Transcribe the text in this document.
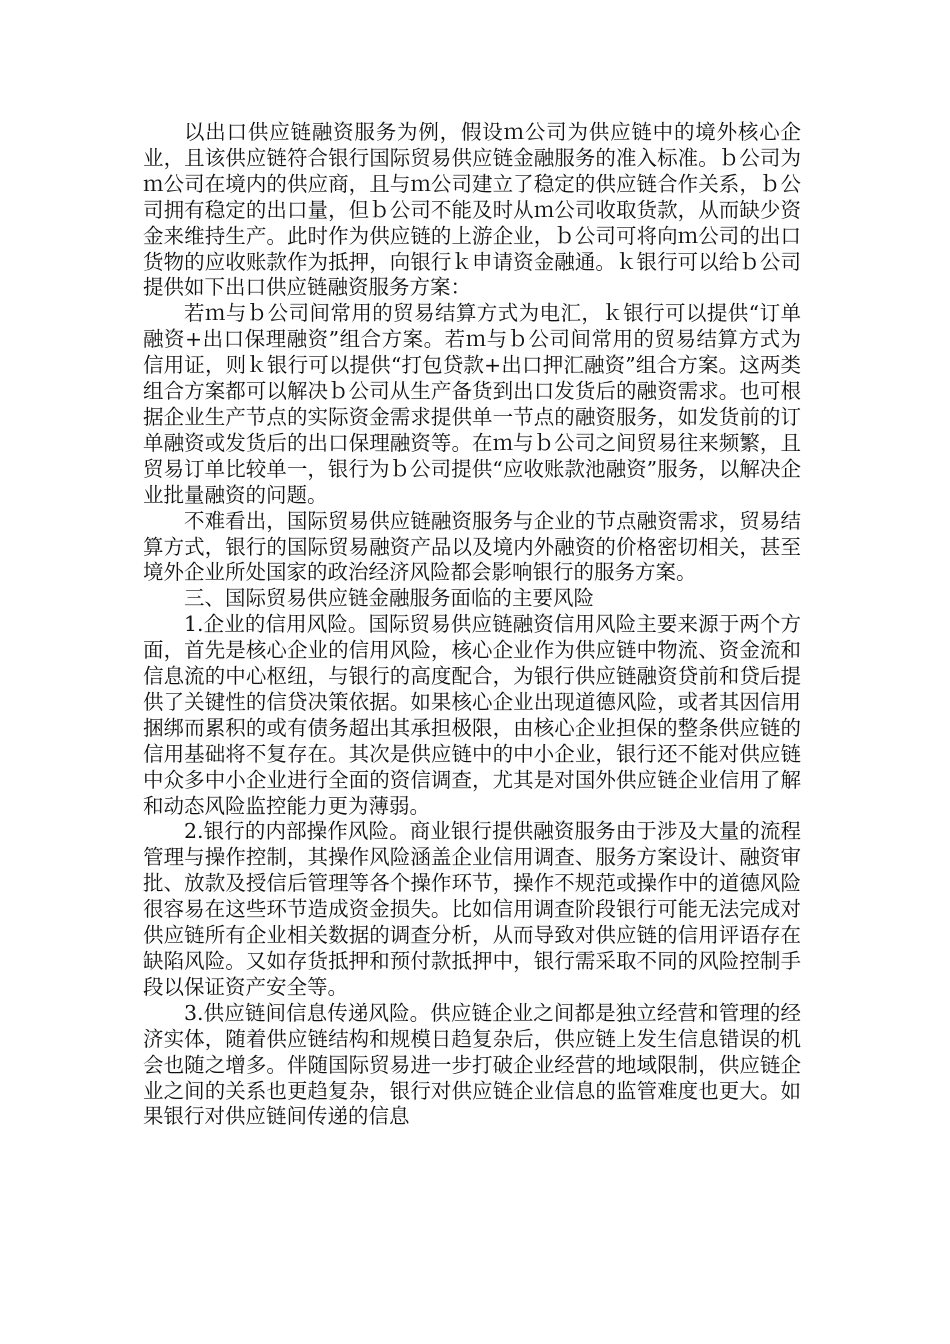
以出口供应链融资服务为例，假设ｍ公司为供应链中的境外核心企业，且该供应链符合银行国际贸易供应链金融服务的准入标准。ｂ公司为ｍ公司在境内的供应商，且与ｍ公司建立了稳定的供应链合作关系，ｂ公司拥有稳定的出口量，但ｂ公司不能及时从ｍ公司收取货款，从而缺少资金来维持生产。此时作为供应链的上游企业，ｂ公司可将向ｍ公司的出口货物的应收账款作为抵押，向银行ｋ申请资金融通。ｋ银行可以给ｂ公司提供如下出口供应链融资服务方案：

若ｍ与ｂ公司间常用的贸易结算方式为电汇，ｋ银行可以提供“订单融资+出口保理融资”组合方案。若ｍ与ｂ公司间常用的贸易结算方式为信用证，则ｋ银行可以提供“打包贷款+出口押汇融资”组合方案。这两类组合方案都可以解决ｂ公司从生产备货到出口发货后的融资需求。也可根据企业生产节点的实际资金需求提供单一节点的融资服务，如发货前的订单融资或发货后的出口保理融资等。在ｍ与ｂ公司之间贸易往来频繁，且贸易订单比较单一，银行为ｂ公司提供“应收账款池融资”服务，以解决企业批量融资的问题。

不难看出，国际贸易供应链融资服务与企业的节点融资需求，贸易结算方式，银行的国际贸易融资产品以及境内外融资的价格密切相关，甚至境外企业所处国家的政治经济风险都会影响银行的服务方案。

三、国际贸易供应链金融服务面临的主要风险

1.企业的信用风险。国际贸易供应链融资信用风险主要来源于两个方面，首先是核心企业的信用风险，核心企业作为供应链中物流、资金流和信息流的中心枢纽，与银行的高度配合，为银行供应链融资贷前和贷后提供了关键性的信贷决策依据。如果核心企业出现道德风险，或者其因信用捆绑而累积的或有债务超出其承担极限，由核心企业担保的整条供应链的信用基础将不复存在。其次是供应链中的中小企业，银行还不能对供应链中众多中小企业进行全面的资信调查，尤其是对国外供应链企业信用了解和动态风险监控能力更为薄弱。

2.银行的内部操作风险。商业银行提供融资服务由于涉及大量的流程管理与操作控制，其操作风险涵盖企业信用调查、服务方案设计、融资审批、放款及授信后管理等各个操作环节，操作不规范或操作中的道德风险很容易在这些环节造成资金损失。比如信用调查阶段银行可能无法完成对供应链所有企业相关数据的调查分析，从而导致对供应链的信用评语存在缺陷风险。又如存货抵押和预付款抵押中，银行需采取不同的风险控制手段以保证资产安全等。

3.供应链间信息传递风险。供应链企业之间都是独立经营和管理的经济实体，随着供应链结构和规模日趋复杂后，供应链上发生信息错误的机会也随之增多。伴随国际贸易进一步打破企业经营的地域限制，供应链企业之间的关系也更趋复杂，银行对供应链企业信息的监管难度也更大。如果银行对供应链间传递的信息
